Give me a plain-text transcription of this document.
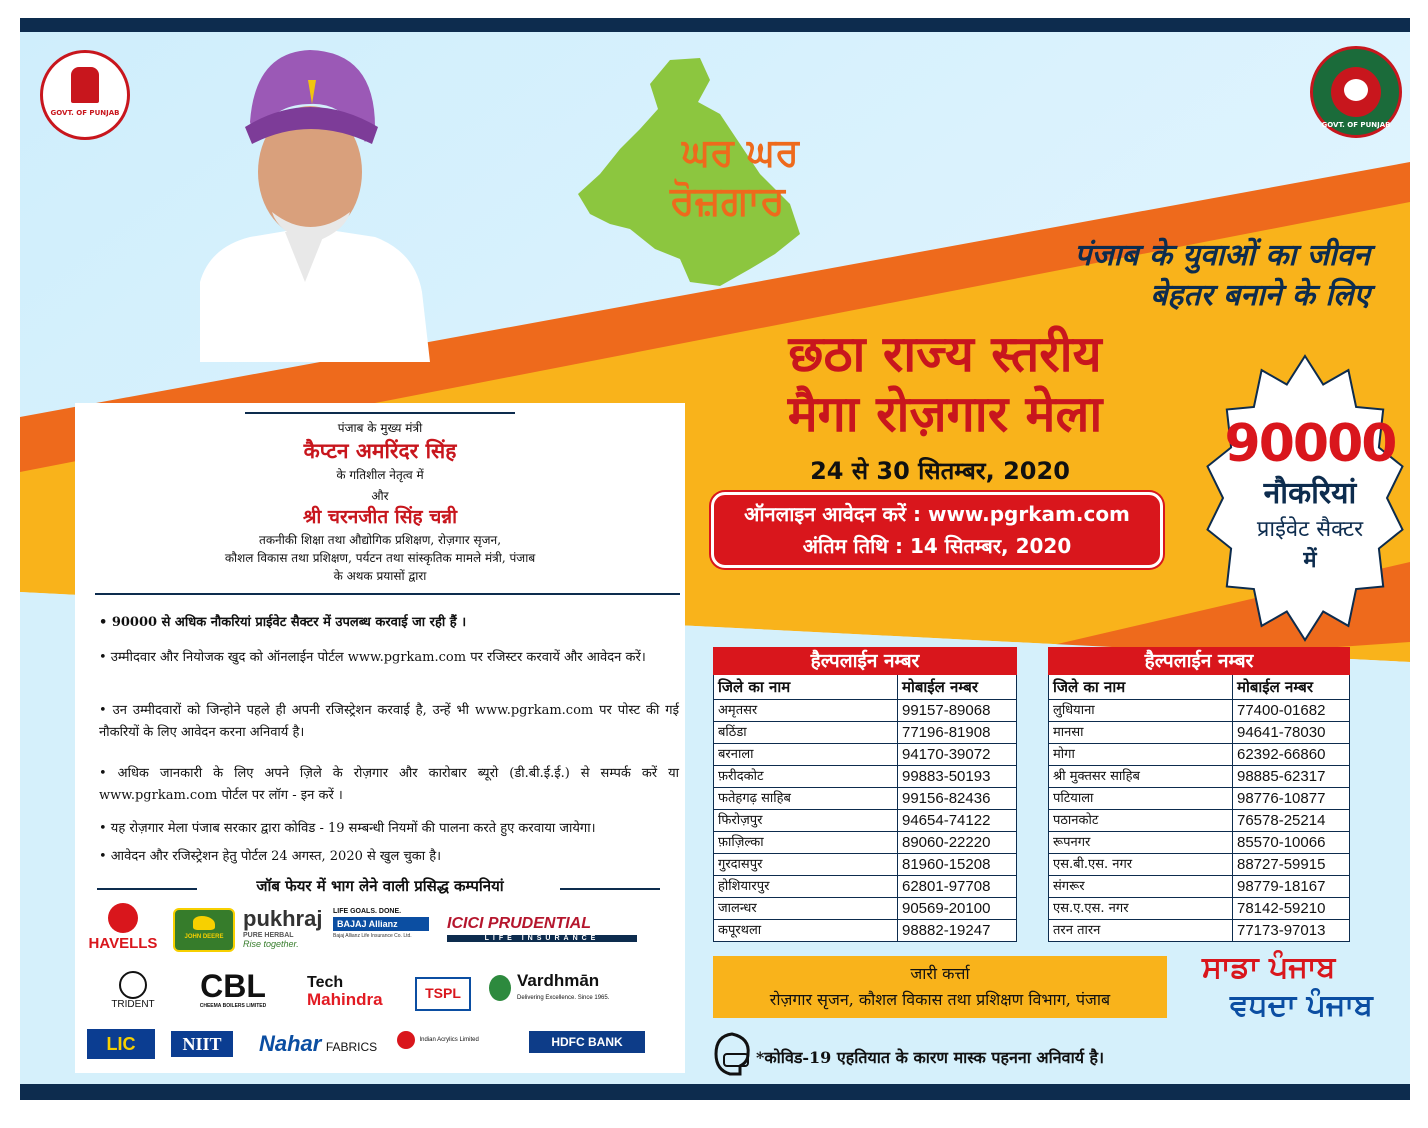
GOVT. OF PUNJAB
GOVT. OF PUNJAB
ਘਰ ਘਰ
ਰੋਜ਼ਗਾਰ
पंजाब के युवाओं का जीवन
बेहतर बनाने के लिए
छठा राज्य स्तरीय
मैगा रोज़गार मेला
24 से 30 सितम्बर, 2020
ऑनलाइन आवेदन करें : www.pgrkam.com
अंतिम तिथि : 14 सितम्बर, 2020
90000
नौकरियां
प्राईवेट सैक्टर
में
पंजाब के मुख्य मंत्री
कैप्टन अमरिंदर सिंह
के गतिशील नेतृत्व में
और
श्री चरनजीत सिंह चन्नी
तकनीकी शिक्षा तथा औद्योगिक प्रशिक्षण, रोज़गार सृजन,
कौशल विकास तथा प्रशिक्षण, पर्यटन तथा सांस्कृतिक मामले मंत्री, पंजाब
के अथक प्रयासों द्वारा
• 90000 से अधिक नौकरियां प्राईवेट सैक्टर में उपलब्ध करवाई जा रही हैं ।
• उम्मीदवार और नियोजक खुद को ऑनलाईन पोर्टल www.pgrkam.com पर रजिस्टर करवायें और आवेदन करें।
• उन उम्मीदवारों को जिन्होने पहले ही अपनी रजिस्ट्रेशन करवाई है, उन्हें भी www.pgrkam.com पर पोस्ट की गई नौकरियों के लिए आवेदन करना अनिवार्य है।
• अधिक जानकारी के लिए अपने ज़िले के रोज़गार और कारोबार ब्यूरो (डी.बी.ई.ई.) से सम्पर्क करें या www.pgrkam.com पोर्टल पर लॉग - इन करें ।
• यह रोज़गार मेला पंजाब सरकार द्वारा कोविड - 19 सम्बन्धी नियमों की पालना करते हुए करवाया जायेगा।
• आवेदन और रजिस्ट्रेशन हेतु पोर्टल 24 अगस्त, 2020 से खुल चुका है।
जॉब फेयर में भाग लेने वाली प्रसिद्ध कम्पनियां
HAVELLS	JOHN DEERE
pukhraj
PURE HERBAL
Rise together.
LIFE GOALS. DONE.
BAJAJ Allianz
Bajaj Allianz Life Insurance Co. Ltd.
ICICI PRUDENTIAL
LIFE INSURANCE
TRIDENT
CBL
CHEEMA BOILERS LIMITED
Tech
Mahindra	TSPL
Vardhmān
Delivering Excellence. Since 1965.
LIC	NIIT	Nahar FABRICS	Indian Acrylics Limited	HDFC BANK
हैल्पलाईन नम्बर	
जिले का नाम	मोबाईल नम्बर
अमृतसर	99157-89068
बठिंडा	77196-81908
बरनाला	94170-39072
फ़रीदकोट	99883-50193
फतेहगढ़ साहिब	99156-82436
फिरोज़पुर	94654-74122
फ़ाज़िल्का	89060-22220
गुरदासपुर	81960-15208
होशियारपुर	62801-97708
जालन्धर	90569-20100
कपूरथला	98882-19247
हैल्पलाईन नम्बर	
जिले का नाम	मोबाईल नम्बर
लुधियाना	77400-01682
मानसा	94641-78030
मोगा	62392-66860
श्री मुक्तसर साहिब	98885-62317
पटियाला	98776-10877
पठानकोट	76578-25214
रूपनगर	85570-10066
एस.बी.एस. नगर	88727-59915
संगरूर	98779-18167
एस.ए.एस. नगर	78142-59210
तरन तारन	77173-97013
जारी कर्त्ता
रोज़गार सृजन, कौशल विकास तथा प्रशिक्षण विभाग, पंजाब
ਸਾਡਾ ਪੰਜਾਬ
ਵਧਦਾ ਪੰਜਾਬ
*कोविड-19 एहतियात के कारण मास्क पहनना अनिवार्य है।
